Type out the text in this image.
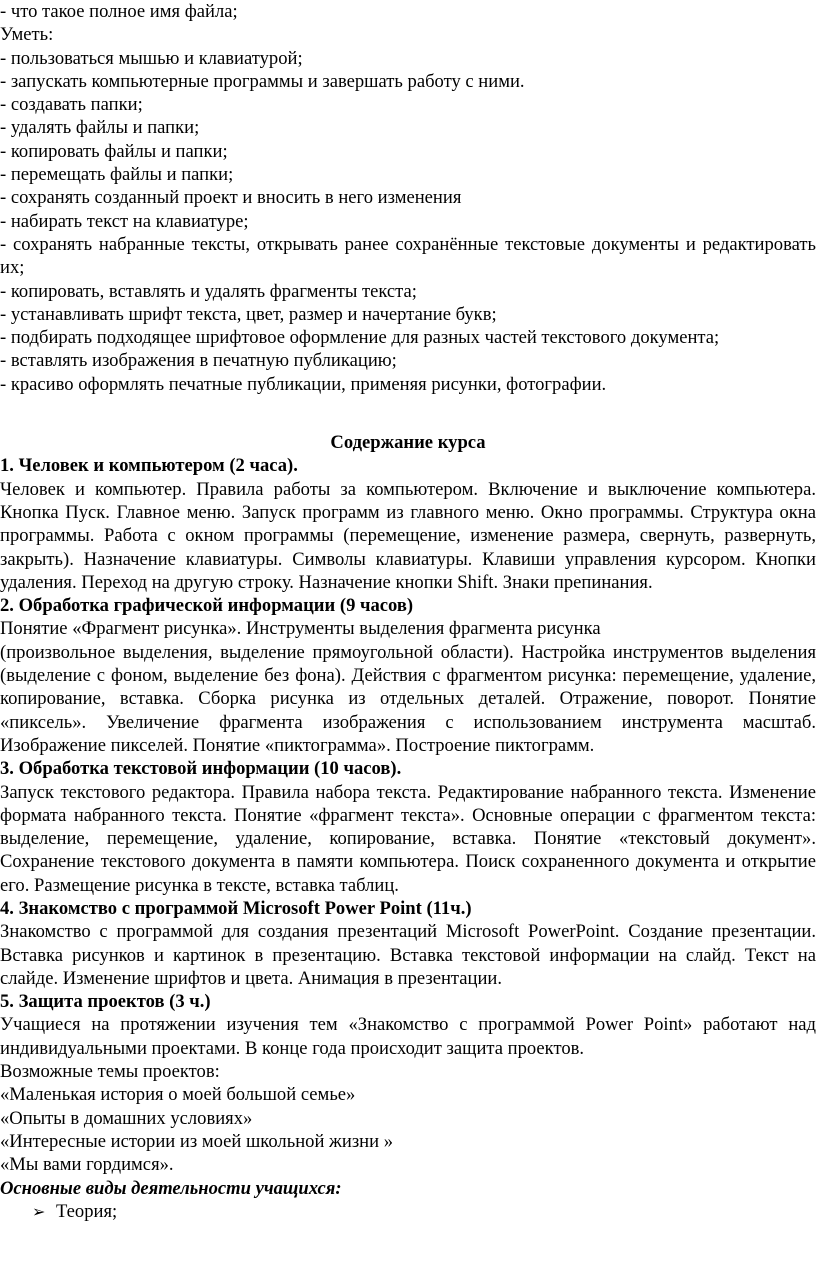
- что такое полное имя файла;

Уметь:

- пользоваться мышью и клавиатурой;

- запускать компьютерные программы и завершать работу с ними.

- создавать папки;

- удалять файлы и папки;

- копировать файлы и папки;

- перемещать файлы и папки;

- сохранять созданный проект и вносить в него изменения

- набирать текст на клавиатуре;

- сохранять набранные тексты, открывать ранее сохранённые текстовые документы и редактировать их;

- копировать, вставлять и удалять фрагменты текста;

- устанавливать шрифт текста, цвет, размер и начертание букв;

- подбирать подходящее шрифтовое оформление для разных частей текстового документа;

- вставлять изображения в печатную публикацию;

- красиво оформлять печатные публикации, применяя рисунки, фотографии.

Содержание курса

1. Человек и компьютером (2 часа).

Человек и компьютер. Правила работы за компьютером. Включение и выключение компьютера. Кнопка Пуск. Главное меню. Запуск программ из главного меню. Окно программы. Структура окна программы. Работа с окном программы (перемещение, изменение размера, свернуть, развернуть, закрыть). Назначение клавиатуры. Символы клавиатуры. Клавиши управления курсором. Кнопки удаления. Переход на другую строку. Назначение кнопки Shift. Знаки препинания.

2. Обработка графической информации (9 часов)

Понятие «Фрагмент рисунка». Инструменты выделения фрагмента рисунка

(произвольное выделения, выделение прямоугольной области). Настройка инструментов выделения (выделение с фоном, выделение без фона). Действия с фрагментом рисунка: перемещение, удаление, копирование, вставка. Сборка рисунка из отдельных деталей. Отражение, поворот. Понятие «пиксель». Увеличение фрагмента изображения с использованием инструмента масштаб. Изображение пикселей. Понятие «пиктограмма». Построение пиктограмм.

3. Обработка текстовой информации (10 часов).

Запуск текстового редактора. Правила набора текста. Редактирование набранного текста. Изменение формата набранного текста. Понятие «фрагмент текста». Основные операции с фрагментом текста: выделение, перемещение, удаление, копирование, вставка. Понятие «текстовый документ». Сохранение текстового документа в памяти компьютера. Поиск сохраненного документа и открытие его. Размещение рисунка в тексте, вставка таблиц.

4. Знакомство с программой Microsoft Power Point (11ч.)

Знакомство с программой для создания презентаций Microsoft PowerPoint. Создание презентации. Вставка рисунков и картинок в презентацию. Вставка текстовой информации на слайд. Текст на слайде. Изменение шрифтов и цвета. Анимация в презентации.

5. Защита проектов (3 ч.)

Учащиеся на протяжении изучения тем «Знакомство с программой Power Point» работают над индивидуальными проектами. В конце года происходит защита проектов.

Возможные темы проектов:

«Маленькая история о моей большой семье»

«Опыты в домашних условиях»

«Интересные истории из моей школьной жизни »

«Мы вами гордимся».

Основные виды деятельности учащихся:

➢ Теория;
